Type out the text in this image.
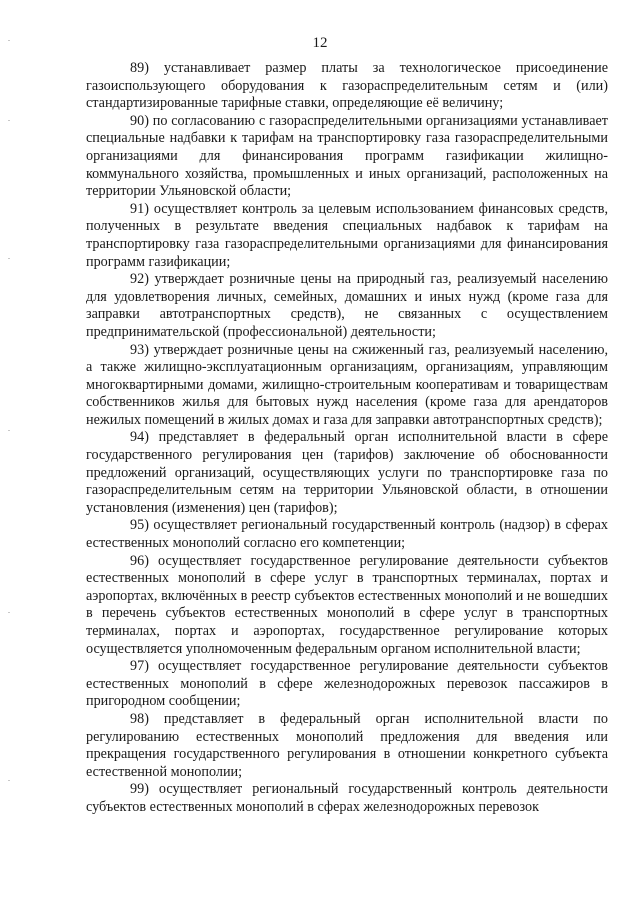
12

89) устанавливает размер платы за технологическое присоединение газоиспользующего оборудования к газораспределительным сетям и (или) стандартизированные тарифные ставки, определяющие её величину;

90) по согласованию с газораспределительными организациями устанавливает специальные надбавки к тарифам на транспортировку газа газораспределительными организациями для финансирования программ газификации жилищно-коммунального хозяйства, промышленных и иных организаций, расположенных на территории Ульяновской области;

91) осуществляет контроль за целевым использованием финансовых средств, полученных в результате введения специальных надбавок к тарифам на транспортировку газа газораспределительными организациями для финансирования программ газификации;

92) утверждает розничные цены на природный газ, реализуемый населению для удовлетворения личных, семейных, домашних и иных нужд (кроме газа для заправки автотранспортных средств), не связанных с осуществлением предпринимательской (профессиональной) деятельности;

93) утверждает розничные цены на сжиженный газ, реализуемый населению, а также жилищно-эксплуатационным организациям, организациям, управляющим многоквартирными домами, жилищно-строительным кооперативам и товариществам собственников жилья для бытовых нужд населения (кроме газа для арендаторов нежилых помещений в жилых домах и газа для заправки автотранспортных средств);

94) представляет в федеральный орган исполнительной власти в сфере государственного регулирования цен (тарифов) заключение об обоснованности предложений организаций, осуществляющих услуги по транспортировке газа по газораспределительным сетям на территории Ульяновской области, в отношении установления (изменения) цен (тарифов);

95) осуществляет региональный государственный контроль (надзор) в сферах естественных монополий согласно его компетенции;

96) осуществляет государственное регулирование деятельности субъектов естественных монополий в сфере услуг в транспортных терминалах, портах и аэропортах, включённых в реестр субъектов естественных монополий и не вошедших в перечень субъектов естественных монополий в сфере услуг в транспортных терминалах, портах и аэропортах, государственное регулирование которых осуществляется уполномоченным федеральным органом исполнительной власти;

97) осуществляет государственное регулирование деятельности субъектов естественных монополий в сфере железнодорожных перевозок пассажиров в пригородном сообщении;

98) представляет в федеральный орган исполнительной власти по регулированию естественных монополий предложения для введения или прекращения государственного регулирования в отношении конкретного субъекта естественной монополии;

99) осуществляет региональный государственный контроль деятельности субъектов естественных монополий в сферах железнодорожных перевозок
